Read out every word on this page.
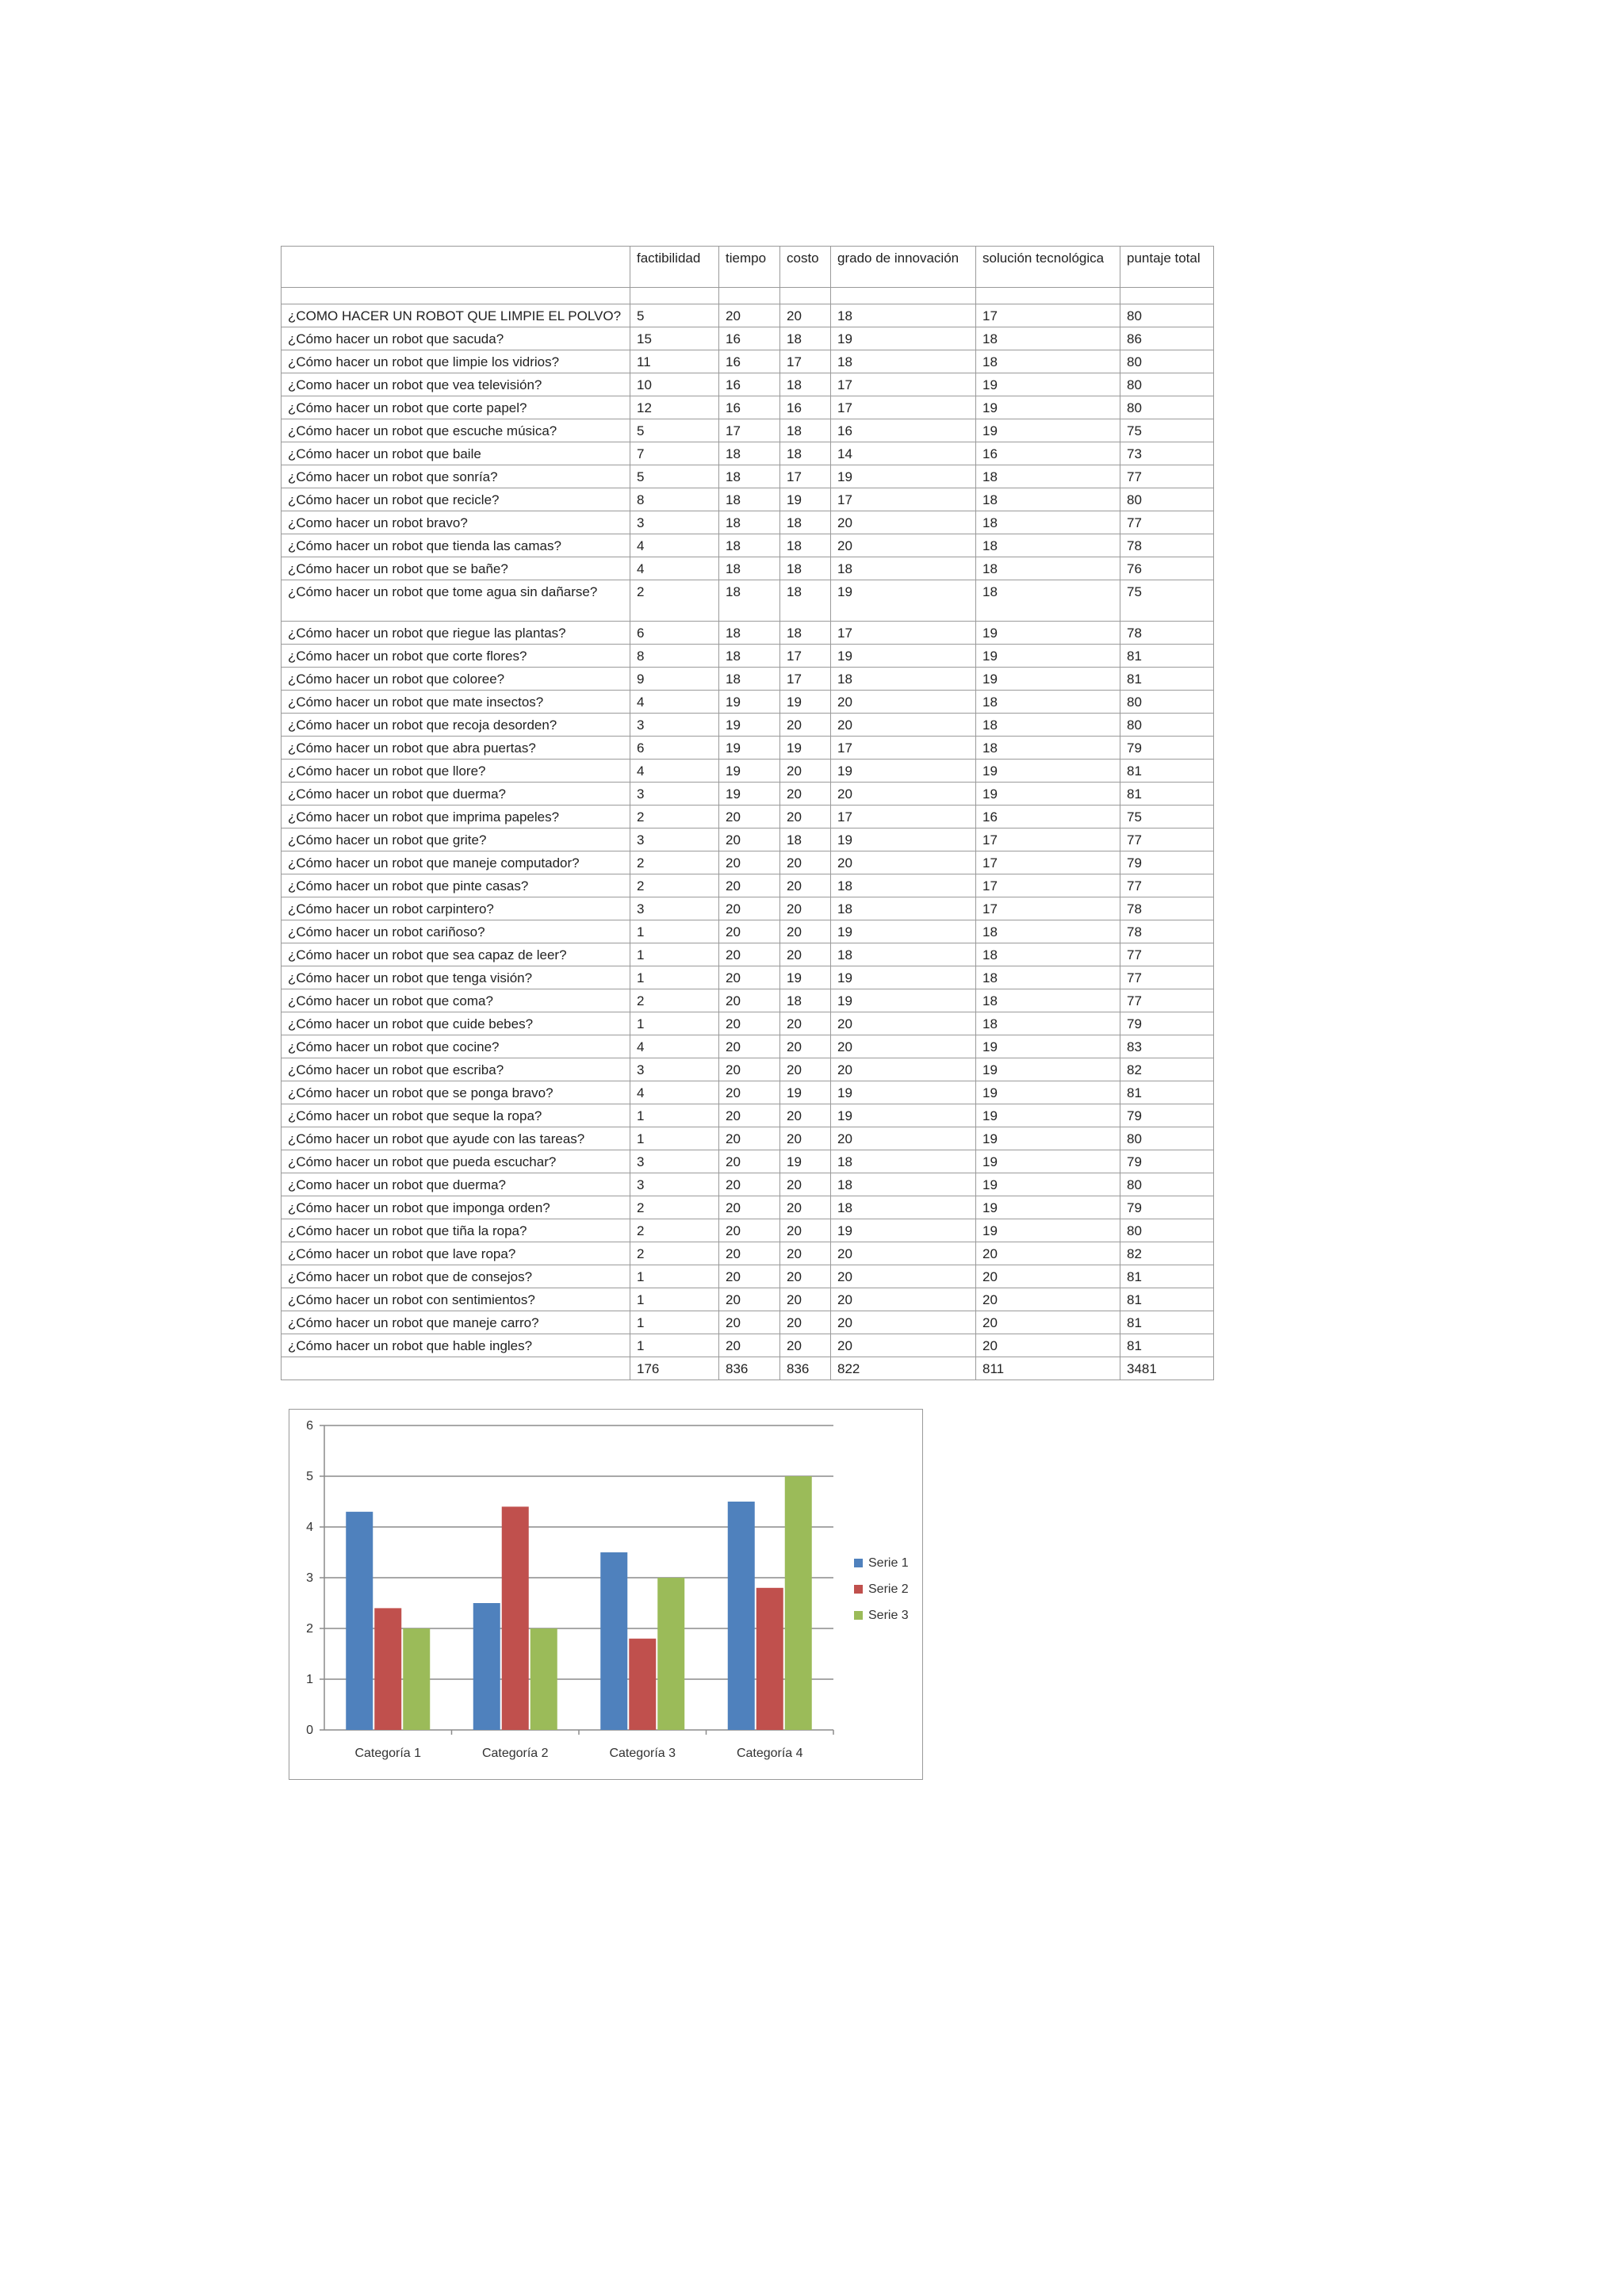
	factibilidad	tiempo	costo	grado de innovación	solución tecnológica	puntaje total

¿COMO HACER UN ROBOT QUE LIMPIE EL POLVO?	5	20	20	18	17	80
¿Cómo hacer un robot que sacuda?	15	16	18	19	18	86
¿Cómo hacer un robot que limpie los vidrios?	11	16	17	18	18	80
¿Como hacer un robot que vea televisión?	10	16	18	17	19	80
¿Cómo hacer un robot que corte papel?	12	16	16	17	19	80
¿Cómo hacer un robot que escuche música?	5	17	18	16	19	75
¿Cómo hacer un robot que baile	7	18	18	14	16	73
¿Cómo hacer un robot que sonría?	5	18	17	19	18	77
¿Cómo hacer un robot que recicle?	8	18	19	17	18	80
¿Como hacer un robot bravo?	3	18	18	20	18	77
¿Cómo hacer un robot que tienda las camas?	4	18	18	20	18	78
¿Cómo hacer un robot que se bañe?	4	18	18	18	18	76
¿Cómo hacer un robot que tome agua sin dañarse?	2	18	18	19	18	75
¿Cómo hacer un robot que riegue las plantas?	6	18	18	17	19	78
¿Cómo hacer un robot que corte flores?	8	18	17	19	19	81
¿Cómo hacer un robot que coloree?	9	18	17	18	19	81
¿Cómo hacer un robot que mate insectos?	4	19	19	20	18	80
¿Cómo hacer un robot que recoja desorden?	3	19	20	20	18	80
¿Cómo hacer un robot que abra puertas?	6	19	19	17	18	79
¿Cómo hacer un robot que llore?	4	19	20	19	19	81
¿Cómo hacer un robot que duerma?	3	19	20	20	19	81
¿Cómo hacer un robot que imprima papeles?	2	20	20	17	16	75
¿Cómo hacer un robot que grite?	3	20	18	19	17	77
¿Cómo hacer un robot que maneje computador?	2	20	20	20	17	79
¿Cómo hacer un robot que pinte casas?	2	20	20	18	17	77
¿Cómo hacer un robot carpintero?	3	20	20	18	17	78
¿Cómo hacer un robot cariñoso?	1	20	20	19	18	78
¿Cómo hacer un robot que sea capaz de leer?	1	20	20	18	18	77
¿Cómo hacer un robot que tenga visión?	1	20	19	19	18	77
¿Cómo hacer un robot que coma?	2	20	18	19	18	77
¿Cómo hacer un robot que cuide bebes?	1	20	20	20	18	79
¿Cómo hacer un robot que cocine?	4	20	20	20	19	83
¿Cómo hacer un robot que escriba?	3	20	20	20	19	82
¿Cómo hacer un robot que se ponga bravo?	4	20	19	19	19	81
¿Cómo hacer un robot que seque la ropa?	1	20	20	19	19	79
¿Cómo hacer un robot que ayude con las tareas?	1	20	20	20	19	80
¿Cómo hacer un robot que pueda escuchar?	3	20	19	18	19	79
¿Como hacer un robot que duerma?	3	20	20	18	19	80
¿Cómo hacer un robot que imponga orden?	2	20	20	18	19	79
¿Cómo hacer un robot que tiña la ropa?	2	20	20	19	19	80
¿Cómo hacer un robot que lave ropa?	2	20	20	20	20	82
¿Cómo hacer un robot que de consejos?	1	20	20	20	20	81
¿Cómo hacer un robot con sentimientos?	1	20	20	20	20	81
¿Cómo hacer un robot que maneje carro?	1	20	20	20	20	81
¿Cómo hacer un robot que hable ingles?	1	20	20	20	20	81
	176	836	836	822	811	3481
0
1
2
3
4
5
6
Categoría 1	Categoría 2	Categoría 3	Categoría 4
Serie 1
Serie 2
Serie 3
